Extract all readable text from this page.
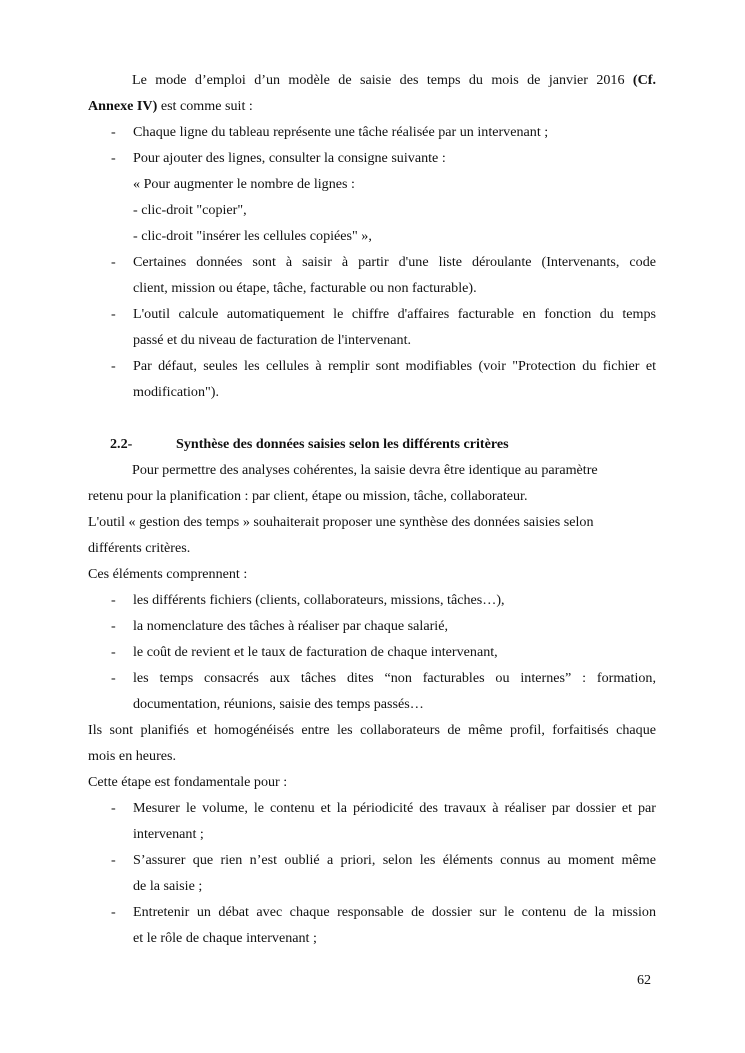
Le mode d’emploi d’un modèle de saisie des temps du mois de janvier 2016 (Cf.
Annexe IV) est comme suit :
- Chaque ligne du tableau représente une tâche réalisée par un intervenant ;
- Pour ajouter des lignes, consulter la consigne suivante :
« Pour augmenter le nombre de lignes :
- clic-droit "copier",
- clic-droit "insérer les cellules copiées" »,
- Certaines données sont à saisir à partir d'une liste déroulante (Intervenants, code
client, mission ou étape, tâche, facturable ou non facturable).
- L'outil calcule automatiquement le chiffre d'affaires facturable en fonction du temps
passé et du niveau de facturation de l'intervenant.
- Par défaut, seules les cellules à remplir sont modifiables (voir "Protection du fichier et
modification").
2.2-	Synthèse des données saisies selon les différents critères
Pour permettre des analyses cohérentes, la saisie devra être identique au paramètre
retenu pour la planification : par client, étape ou mission, tâche, collaborateur.
L'outil « gestion des temps » souhaiterait proposer une synthèse des données saisies selon
différents critères.
Ces éléments comprennent :
- les différents fichiers (clients, collaborateurs, missions, tâches…),
- la nomenclature des tâches à réaliser par chaque salarié,
- le coût de revient et le taux de facturation de chaque intervenant,
- les temps consacrés aux tâches dites “non facturables ou internes” : formation,
documentation, réunions, saisie des temps passés…
Ils sont planifiés et homogénéisés entre les collaborateurs de même profil, forfaitisés chaque
mois en heures.
Cette étape est fondamentale pour :
- Mesurer le volume, le contenu et la périodicité des travaux à réaliser par dossier et par
intervenant ;
- S’assurer que rien n’est oublié a priori, selon les éléments connus au moment même
de la saisie ;
- Entretenir un débat avec chaque responsable de dossier sur le contenu de la mission
et le rôle de chaque intervenant ;
62
